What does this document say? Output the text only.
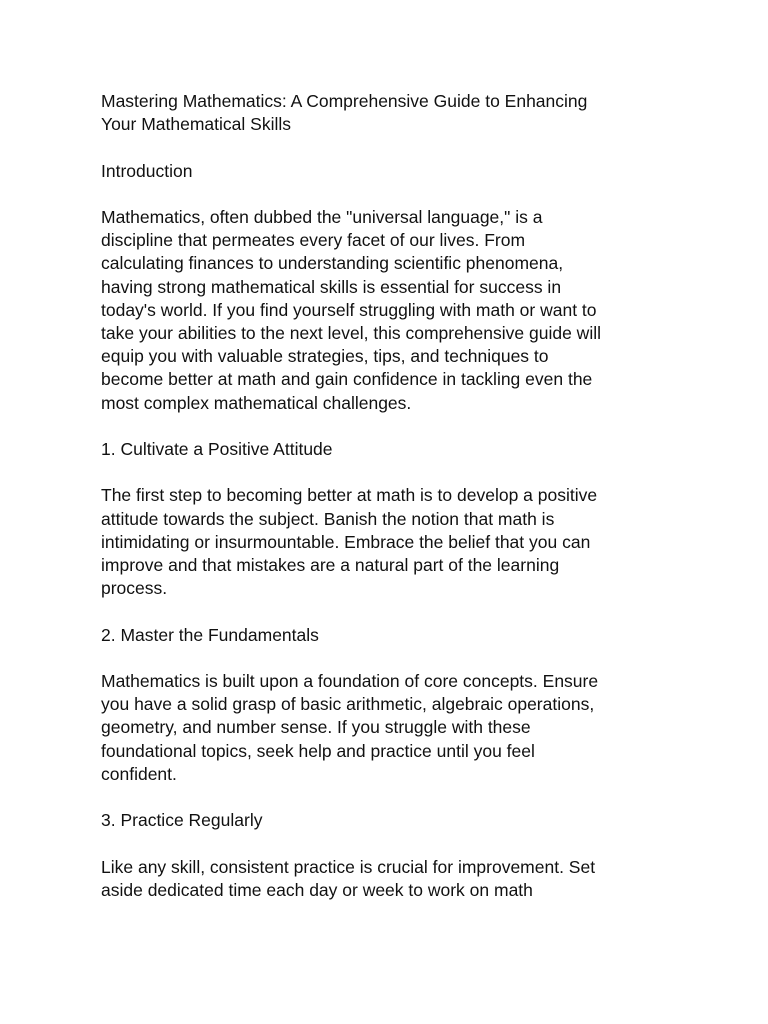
Mastering Mathematics: A Comprehensive Guide to Enhancing
Your Mathematical Skills

Introduction

Mathematics, often dubbed the "universal language," is a
discipline that permeates every facet of our lives. From
calculating finances to understanding scientific phenomena,
having strong mathematical skills is essential for success in
today's world. If you find yourself struggling with math or want to
take your abilities to the next level, this comprehensive guide will
equip you with valuable strategies, tips, and techniques to
become better at math and gain confidence in tackling even the
most complex mathematical challenges.

1. Cultivate a Positive Attitude

The first step to becoming better at math is to develop a positive
attitude towards the subject. Banish the notion that math is
intimidating or insurmountable. Embrace the belief that you can
improve and that mistakes are a natural part of the learning
process.

2. Master the Fundamentals

Mathematics is built upon a foundation of core concepts. Ensure
you have a solid grasp of basic arithmetic, algebraic operations,
geometry, and number sense. If you struggle with these
foundational topics, seek help and practice until you feel
confident.

3. Practice Regularly

Like any skill, consistent practice is crucial for improvement. Set
aside dedicated time each day or week to work on math
